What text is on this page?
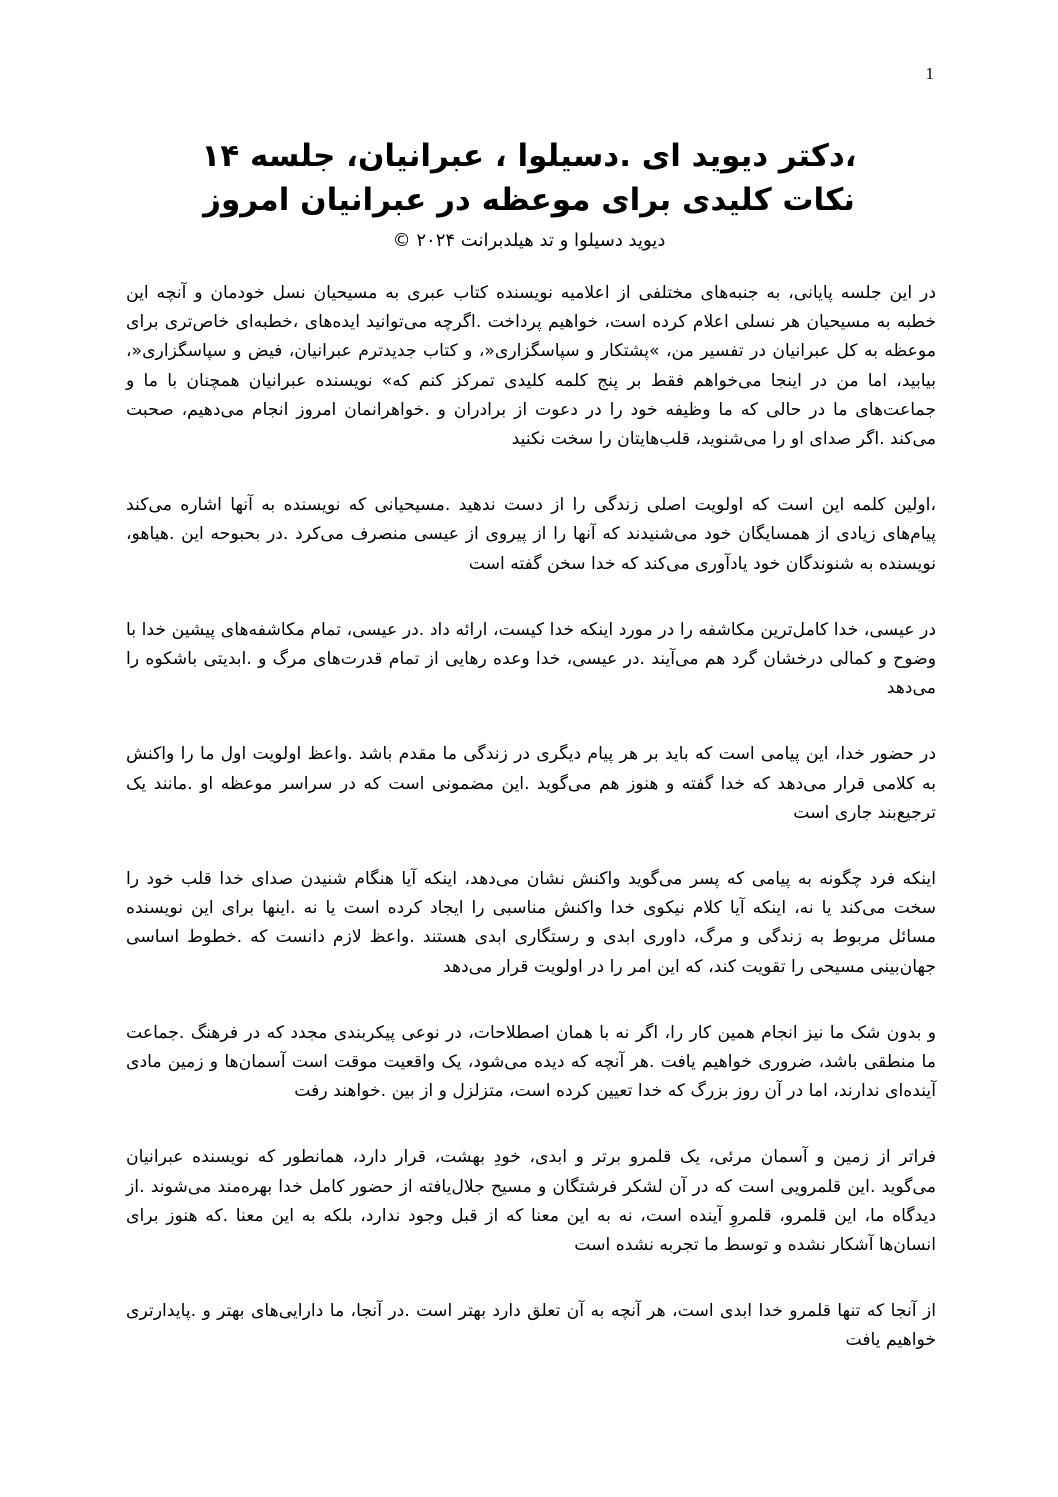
1

،دکتر دیوید ای .دسیلوا ، عبرانیان، جلسه ۱۴

نکات کلیدی برای موعظه در عبرانیان امروز

دیوید دسیلوا و تد هیلدبرانت ۲۰۲۴ ©

در این جلسه پایانی، به جنبه‌های مختلفی از اعلامیه نویسنده کتاب عبری به مسیحیان نسل خودمان و آنچه این خطبه به مسیحیان هر نسلی اعلام کرده است، خواهیم پرداخت .اگرچه می‌توانید ایده‌های ،خطبه‌ای خاص‌تری برای موعظه به کل عبرانیان در تفسیر من، »پشتکار و سپاسگزاری«، و کتاب جدیدترم عبرانیان، فیض و سپاسگزاری«، بیابید، اما من در اینجا می‌خواهم فقط بر پنج کلمه کلیدی تمرکز کنم که» نویسنده عبرانیان همچنان با ما و جماعت‌های ما در حالی که ما وظیفه خود را در دعوت از برادران و .خواهرانمان امروز انجام می‌دهیم، صحبت می‌کند .اگر صدای او را می‌شنوید، قلب‌هایتان را سخت نکنید

،اولین کلمه این است که اولویت اصلی زندگی را از دست ندهید .مسیحیانی که نویسنده به آنها اشاره می‌کند پیام‌های زیادی از همسایگان خود می‌شنیدند که آنها را از پیروی از عیسی منصرف می‌کرد .در بحبوحه این .هیاهو، نویسنده به شنوندگان خود یادآوری می‌کند که خدا سخن گفته است

در عیسی، خدا کامل‌ترین مکاشفه را در مورد اینکه خدا کیست، ارائه داد .در عیسی، تمام مکاشفه‌های پیشین خدا با وضوح و کمالی درخشان گرد هم می‌آیند .در عیسی، خدا وعده رهایی از تمام قدرت‌های مرگ و .ابدیتی باشکوه را می‌دهد

در حضور خدا، این پیامی است که باید بر هر پیام دیگری در زندگی ما مقدم باشد .واعظ اولویت اول ما را واکنش به کلامی قرار می‌دهد که خدا گفته و هنوز هم می‌گوید .این مضمونی است که در سراسر موعظه او .مانند یک ترجیع‌بند جاری است

اینکه فرد چگونه به پیامی که پسر می‌گوید واکنش نشان می‌دهد، اینکه آیا هنگام شنیدن صدای خدا قلب خود را سخت می‌کند یا نه، اینکه آیا کلام نیکوی خدا واکنش مناسبی را ایجاد کرده است یا نه .اینها برای این نویسنده مسائل مربوط به زندگی و مرگ، داوری ابدی و رستگاری ابدی هستند .واعظ لازم دانست که .خطوط اساسی جهان‌بینی مسیحی را تقویت کند، که این امر را در اولویت قرار می‌دهد

و بدون شک ما نیز انجام همین کار را، اگر نه با همان اصطلاحات، در نوعی پیکربندی مجدد که در فرهنگ .جماعت ما منطقی باشد، ضروری خواهیم یافت .هر آنچه که دیده می‌شود، یک واقعیت موقت است آسمان‌ها و زمین مادی آینده‌ای ندارند، اما در آن روز بزرگ که خدا تعیین کرده است، متزلزل و از بین .خواهند رفت

فراتر از زمین و آسمان مرئی، یک قلمرو برتر و ابدی، خودِ بهشت، قرار دارد، همانطور که نویسنده عبرانیان می‌گوید .این قلمرویی است که در آن لشکر فرشتگان و مسیح جلال‌یافته از حضور کامل خدا بهره‌مند می‌شوند .از دیدگاه ما، این قلمرو، قلمروِ آینده است، نه به این معنا که از قبل وجود ندارد، بلکه به این معنا .که هنوز برای انسان‌ها آشکار نشده و توسط ما تجربه نشده است

از آنجا که تنها قلمرو خدا ابدی است، هر آنچه به آن تعلق دارد بهتر است .در آنجا، ما دارایی‌های بهتر و .پایدارتری خواهیم یافت
